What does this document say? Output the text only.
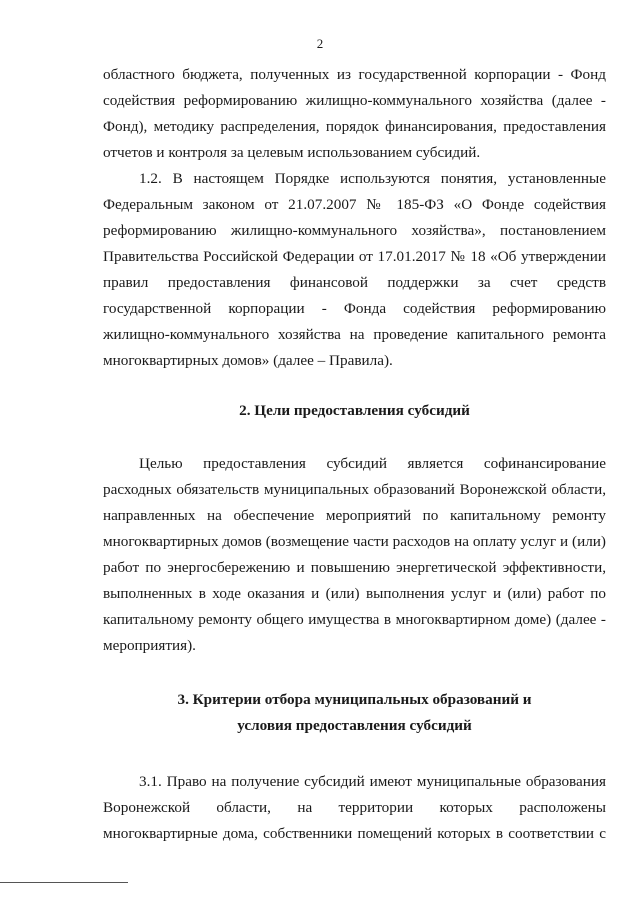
2

областного бюджета, полученных из государственной корпорации - Фонд
содействия реформированию жилищно-коммунального хозяйства (далее -
Фонд), методику распределения, порядок финансирования, предоставления
отчетов и контроля за целевым использованием субсидий.

1.2. В настоящем Порядке используются понятия, установленные
Федеральным законом от 21.07.2007 № 185-ФЗ «О Фонде содействия
реформированию жилищно-коммунального хозяйства», постановлением
Правительства Российской Федерации от 17.01.2017 № 18 «Об утверждении
правил предоставления финансовой поддержки за счет средств
государственной корпорации - Фонда содействия реформированию
жилищно-коммунального хозяйства на проведение капитального ремонта
многоквартирных домов» (далее – Правила).

2. Цели предоставления субсидий

Целью предоставления субсидий является софинансирование
расходных обязательств муниципальных образований Воронежской области,
направленных на обеспечение мероприятий по капитальному ремонту
многоквартирных домов (возмещение части расходов на оплату услуг и (или)
работ по энергосбережению и повышению энергетической эффективности,
выполненных в ходе оказания и (или) выполнения услуг и (или) работ по
капитальному ремонту общего имущества в многоквартирном доме) (далее -
мероприятия).

3. Критерии отбора муниципальных образований и
условия предоставления субсидий

3.1. Право на получение субсидий имеют муниципальные образования
Воронежской области, на территории которых расположены
многоквартирные дома, собственники помещений которых в соответствии с
